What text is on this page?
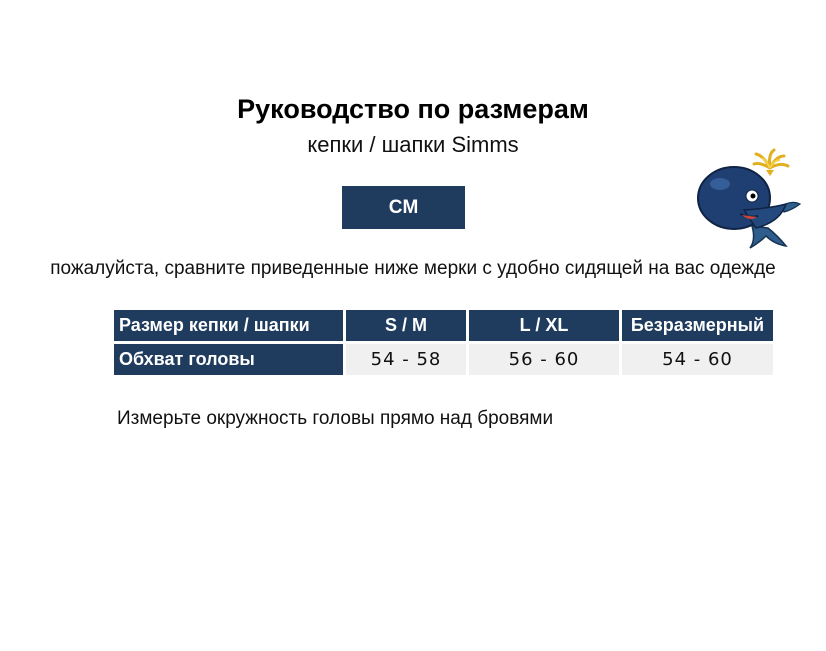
Руководство по размерам
кепки / шапки Simms
CM
пожалуйста, сравните приведенные ниже мерки с удобно сидящей на вас одежде
Размер кепки / шапки	S / M	L / XL	Безразмерный
Обхват головы	54 - 58	56 - 60	54 - 60
Измерьте окружность головы прямо над бровями
